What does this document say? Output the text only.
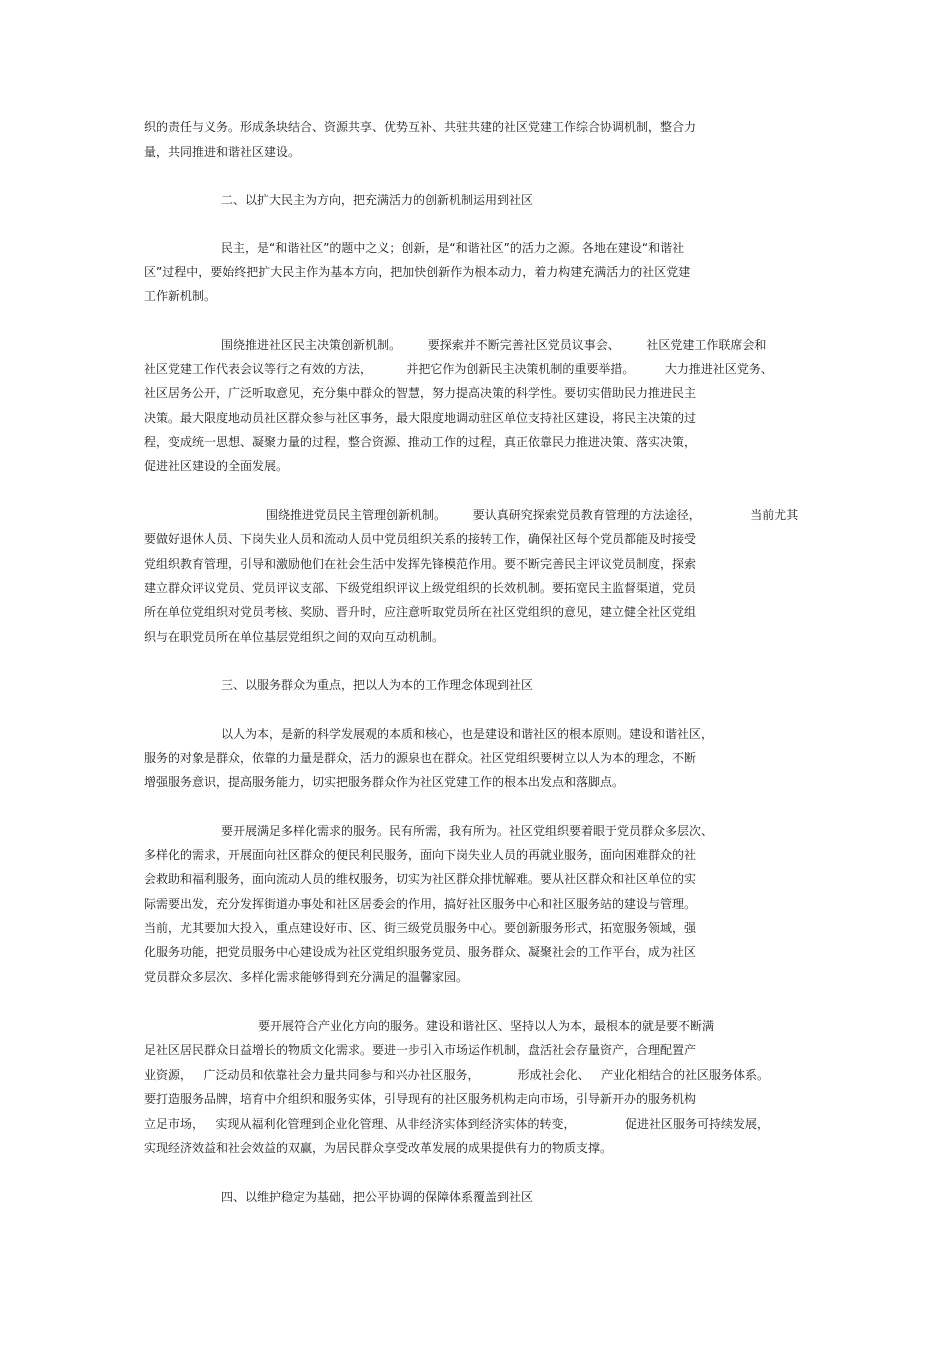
织的责任与义务。形成条块结合、资源共享、优势互补、共驻共建的社区党建工作综合协调机制，整合力
量，共同推进和谐社区建设。
二、以扩大民主为方向，把充满活力的创新机制运用到社区
民主，是“和谐社区”的题中之义；创新，是“和谐社区”的活力之源。各地在建设“和谐社
区”过程中，要始终把扩大民主作为基本方向，把加快创新作为根本动力，着力构建充满活力的社区党建
工作新机制。
围绕推进社区民主决策创新机制。       要探索并不断完善社区党员议事会、       社区党建工作联席会和
社区党建工作代表会议等行之有效的方法，         并把它作为创新民主决策机制的重要举措。        大力推进社区党务、
社区居务公开，广泛听取意见，充分集中群众的智慧，努力提高决策的科学性。要切实借助民力推进民主
决策。最大限度地动员社区群众参与社区事务，最大限度地调动驻区单位支持社区建设，将民主决策的过
程，变成统一思想、凝聚力量的过程，整合资源、推动工作的过程，真正依靠民力推进决策、落实决策，
促进社区建设的全面发展。
围绕推进党员民主管理创新机制。       要认真研究探索党员教育管理的方法途径，             当前尤其
要做好退休人员、下岗失业人员和流动人员中党员组织关系的接转工作，确保社区每个党员都能及时接受
党组织教育管理，引导和激励他们在社会生活中发挥先锋模范作用。要不断完善民主评议党员制度，探索
建立群众评议党员、党员评议支部、下级党组织评议上级党组织的长效机制。要拓宽民主监督渠道，党员
所在单位党组织对党员考核、奖励、晋升时，应注意听取党员所在社区党组织的意见，建立健全社区党组
织与在职党员所在单位基层党组织之间的双向互动机制。
三、以服务群众为重点，把以人为本的工作理念体现到社区
以人为本，是新的科学发展观的本质和核心，也是建设和谐社区的根本原则。建设和谐社区，
服务的对象是群众，依靠的力量是群众，活力的源泉也在群众。社区党组织要树立以人为本的理念，不断
增强服务意识，提高服务能力，切实把服务群众作为社区党建工作的根本出发点和落脚点。
要开展满足多样化需求的服务。民有所需，我有所为。社区党组织要着眼于党员群众多层次、
多样化的需求，开展面向社区群众的便民利民服务，面向下岗失业人员的再就业服务，面向困难群众的社
会救助和福利服务，面向流动人员的维权服务，切实为社区群众排忧解难。要从社区群众和社区单位的实
际需要出发，充分发挥街道办事处和社区居委会的作用，搞好社区服务中心和社区服务站的建设与管理。
当前，尤其要加大投入，重点建设好市、区、街三级党员服务中心。要创新服务形式，拓宽服务领域，强
化服务功能，把党员服务中心建设成为社区党组织服务党员、服务群众、凝聚社会的工作平台，成为社区
党员群众多层次、多样化需求能够得到充分满足的温馨家园。
要开展符合产业化方向的服务。建设和谐社区、坚持以人为本，最根本的就是要不断满
足社区居民群众日益增长的物质文化需求。要进一步引入市场运作机制，盘活社会存量资产，合理配置产
业资源，   广泛动员和依靠社会力量共同参与和兴办社区服务，          形成社会化、   产业化相结合的社区服务体系。
要打造服务品牌，培育中介组织和服务实体，引导现有的社区服务机构走向市场，引导新开办的服务机构
立足市场，   实现从福利化管理到企业化管理、从非经济实体到经济实体的转变，             促进社区服务可持续发展，
实现经济效益和社会效益的双赢，为居民群众享受改革发展的成果提供有力的物质支撑。
四、以维护稳定为基础，把公平协调的保障体系覆盖到社区
